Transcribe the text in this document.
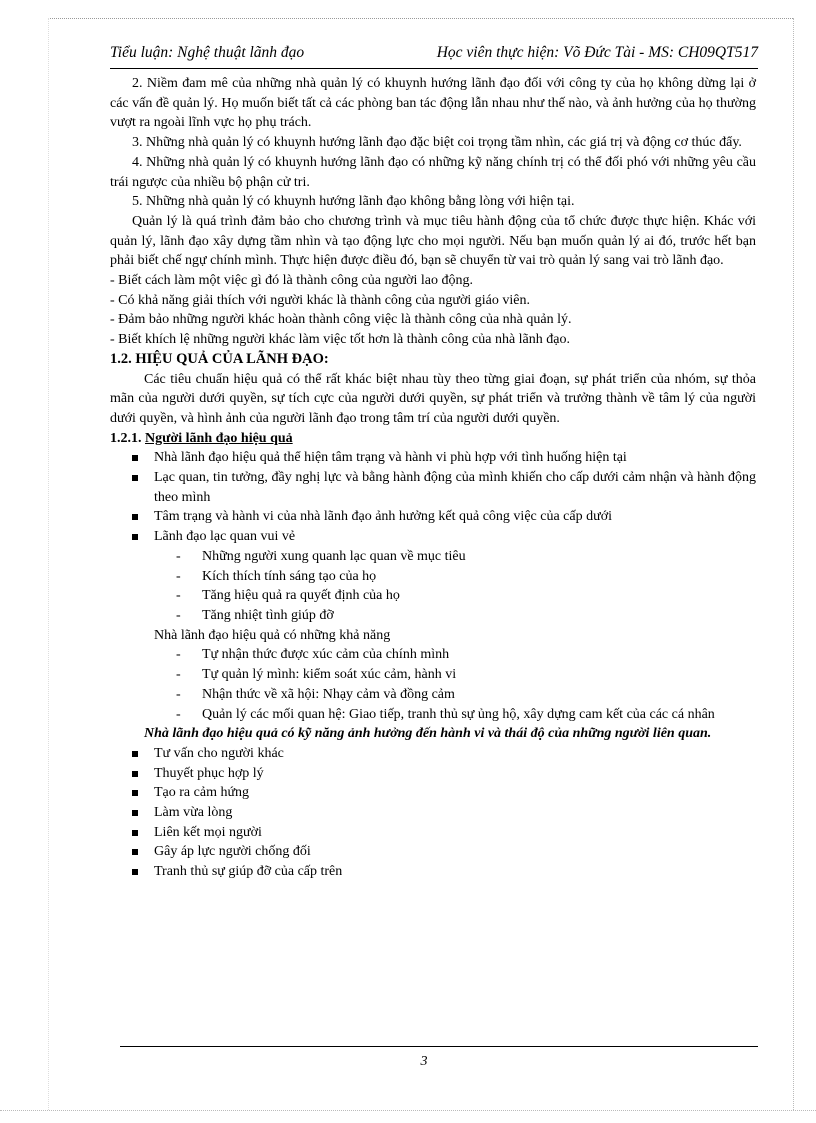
Tiểu luận: Nghệ thuật lãnh đạo	Học viên thực hiện: Võ Đức Tài - MS: CH09QT517

2. Niềm đam mê của những nhà quản lý có khuynh hướng lãnh đạo đối với công ty của họ không dừng lại ở các vấn đề quản lý. Họ muốn biết tất cả các phòng ban tác động lẫn nhau như thế nào, và ảnh hưởng của họ thường vượt ra ngoài lĩnh vực họ phụ trách.

3. Những nhà quản lý có khuynh hướng lãnh đạo đặc biệt coi trọng tầm nhìn, các giá trị và động cơ thúc đẩy.

4. Những nhà quản lý có khuynh hướng lãnh đạo có những kỹ năng chính trị có thể đối phó với những yêu cầu trái ngược của nhiều bộ phận cử tri.

5. Những nhà quản lý có khuynh hướng lãnh đạo không bằng lòng với hiện tại.

Quản lý là quá trình đảm bảo cho chương trình và mục tiêu hành động của tổ chức được thực hiện. Khác với quản lý, lãnh đạo xây dựng tầm nhìn và tạo động lực cho mọi người. Nếu bạn muốn quản lý ai đó, trước hết bạn phải biết chế ngự chính mình. Thực hiện được điều đó, bạn sẽ chuyển từ vai trò quản lý sang vai trò lãnh đạo.

- Biết cách làm một việc gì đó là thành công của người lao động.

- Có khả năng giải thích với người khác là thành công của người giáo viên.

- Đảm bảo những người khác hoàn thành công việc là thành công của nhà quản lý.

- Biết khích lệ những người khác làm việc tốt hơn là thành công của nhà lãnh đạo.

1.2. HIỆU QUẢ CỦA LÃNH ĐẠO:

Các tiêu chuẩn hiệu quả có thể rất khác biệt nhau tùy theo từng giai đoạn, sự phát triển của nhóm, sự thỏa mãn của người dưới quyền, sự tích cực của người dưới quyền, sự phát triển và trưởng thành về tâm lý của người dưới quyền, và hình ảnh của người lãnh đạo trong tâm trí của người dưới quyền.

1.2.1. Người lãnh đạo hiệu quả

Nhà lãnh đạo hiệu quả thể hiện tâm trạng và hành vi phù hợp với tình huống hiện tại
Lạc quan, tin tưởng, đầy nghị lực và bằng hành động của mình khiến cho cấp dưới cảm nhận và hành động theo mình
Tâm trạng và hành vi của nhà lãnh đạo ảnh hưởng kết quả công việc của cấp dưới
Lãnh đạo lạc quan vui vẻ
- Những người xung quanh lạc quan về mục tiêu
- Kích thích tính sáng tạo của họ
- Tăng hiệu quả ra quyết định của họ
- Tăng nhiệt tình giúp đỡ

Nhà lãnh đạo hiệu quả có những khả năng

- Tự nhận thức được xúc cảm của chính mình
- Tự quản lý mình: kiểm soát xúc cảm, hành vi
- Nhận thức về xã hội: Nhạy cảm và đồng cảm
- Quản lý các mối quan hệ: Giao tiếp, tranh thủ sự ủng hộ, xây dựng cam kết của các cá nhân

Nhà lãnh đạo hiệu quả có kỹ năng ảnh hưởng đến hành vi và thái độ của những người liên quan.

Tư vấn cho người khác
Thuyết phục hợp lý
Tạo ra cảm hứng
Làm vừa lòng
Liên kết mọi người
Gây áp lực người chống đối
Tranh thủ sự giúp đỡ của cấp trên
3
